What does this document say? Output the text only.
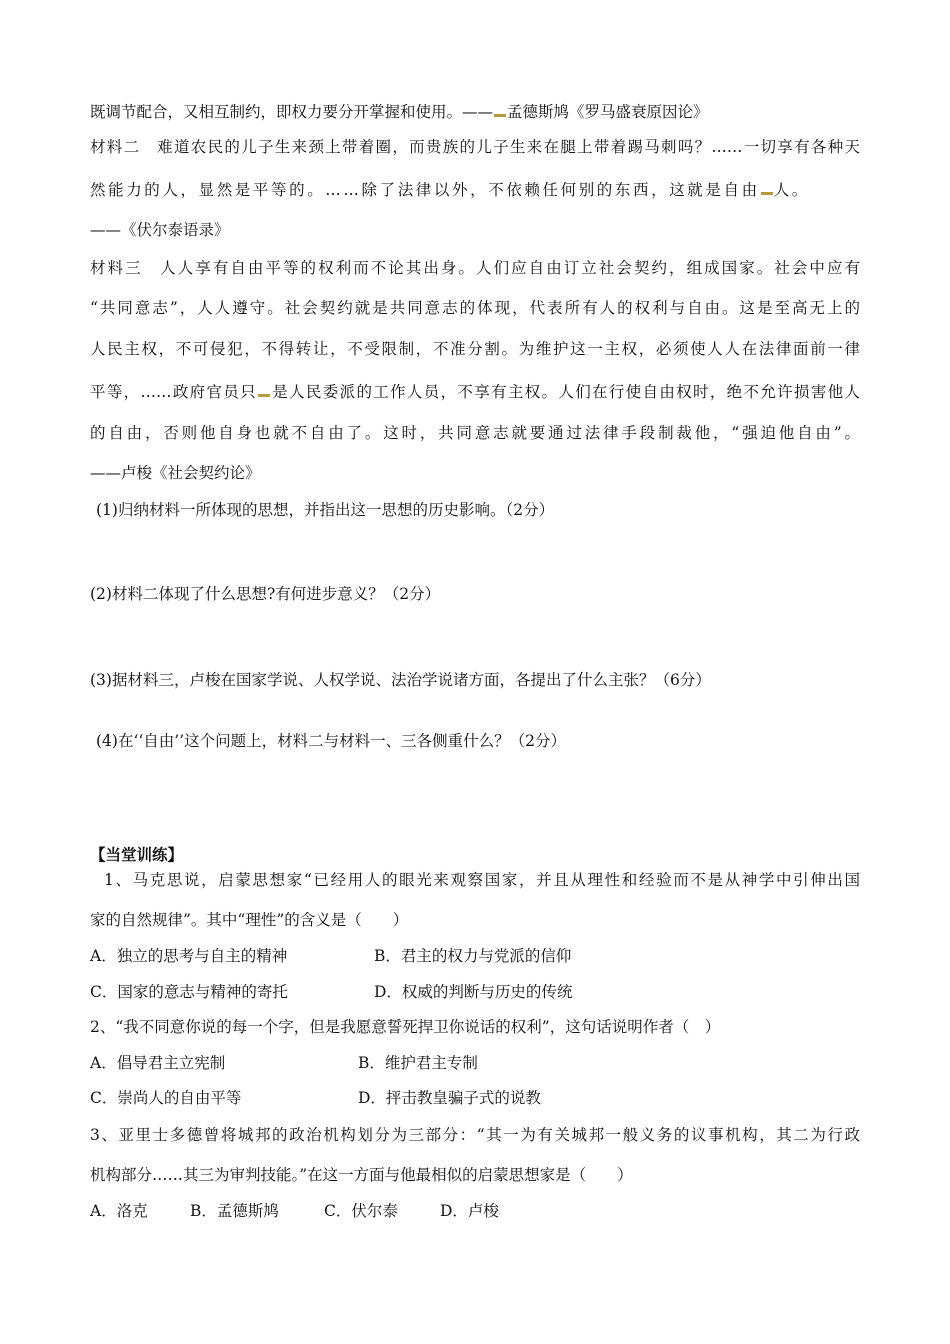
既调节配合，又相互制约，即权力要分开掌握和使用。—— 孟德斯鸠《罗马盛衰原因论》
材料二　难道农民的儿子生来颈上带着圈，而贵族的儿子生来在腿上带着踢马刺吗？……一切享有各种天
然能力的人，显然是平等的。……除了法律以外，不依赖任何别的东西，这就是自由 人。
——《伏尔泰语录》
材料三　人人享有自由平等的权利而不论其出身。人们应自由订立社会契约，组成国家。社会中应有
“共同意志”，人人遵守。社会契约就是共同意志的体现，代表所有人的权利与自由。这是至高无上的
人民主权，不可侵犯，不得转让，不受限制，不准分割。为维护这一主权，必须使人人在法律面前一律
平等，……政府官员只 是人民委派的工作人员，不享有主权。人们在行使自由权时，绝不允许损害他人
的自由，否则他自身也就不自由了。这时，共同意志就要通过法律手段制裁他，“强迫他自由”。
——卢梭《社会契约论》
(1)归纳材料一所体现的思想，并指出这一思想的历史影响。（2分）
(2)材料二体现了什么思想?有何进步意义？（2分）
(3)据材料三，卢梭在国家学说、人权学说、法治学说诸方面，各提出了什么主张？（6分）
(4)在‘‘自由’’这个问题上，材料二与材料一、三各侧重什么？（2分）
【当堂训练】
1、马克思说，启蒙思想家“已经用人的眼光来观察国家，并且从理性和经验而不是从神学中引伸出国
家的自然规律”。其中“理性”的含义是（　　）
A．独立的思考与自主的精神	B．君主的权力与党派的信仰
C．国家的意志与精神的寄托	D．权威的判断与历史的传统
2、“我不同意你说的每一个字，但是我愿意誓死捍卫你说话的权利”，这句话说明作者（　）
A．倡导君主立宪制	B．维护君主专制
C．崇尚人的自由平等	D．抨击教皇骗子式的说教
3、亚里士多德曾将城邦的政治机构划分为三部分：“其一为有关城邦一般义务的议事机构，其二为行政
机构部分……其三为审判技能。”在这一方面与他最相似的启蒙思想家是（　　）
A．洛克	B．孟德斯鸠	C．伏尔泰	D．卢梭
